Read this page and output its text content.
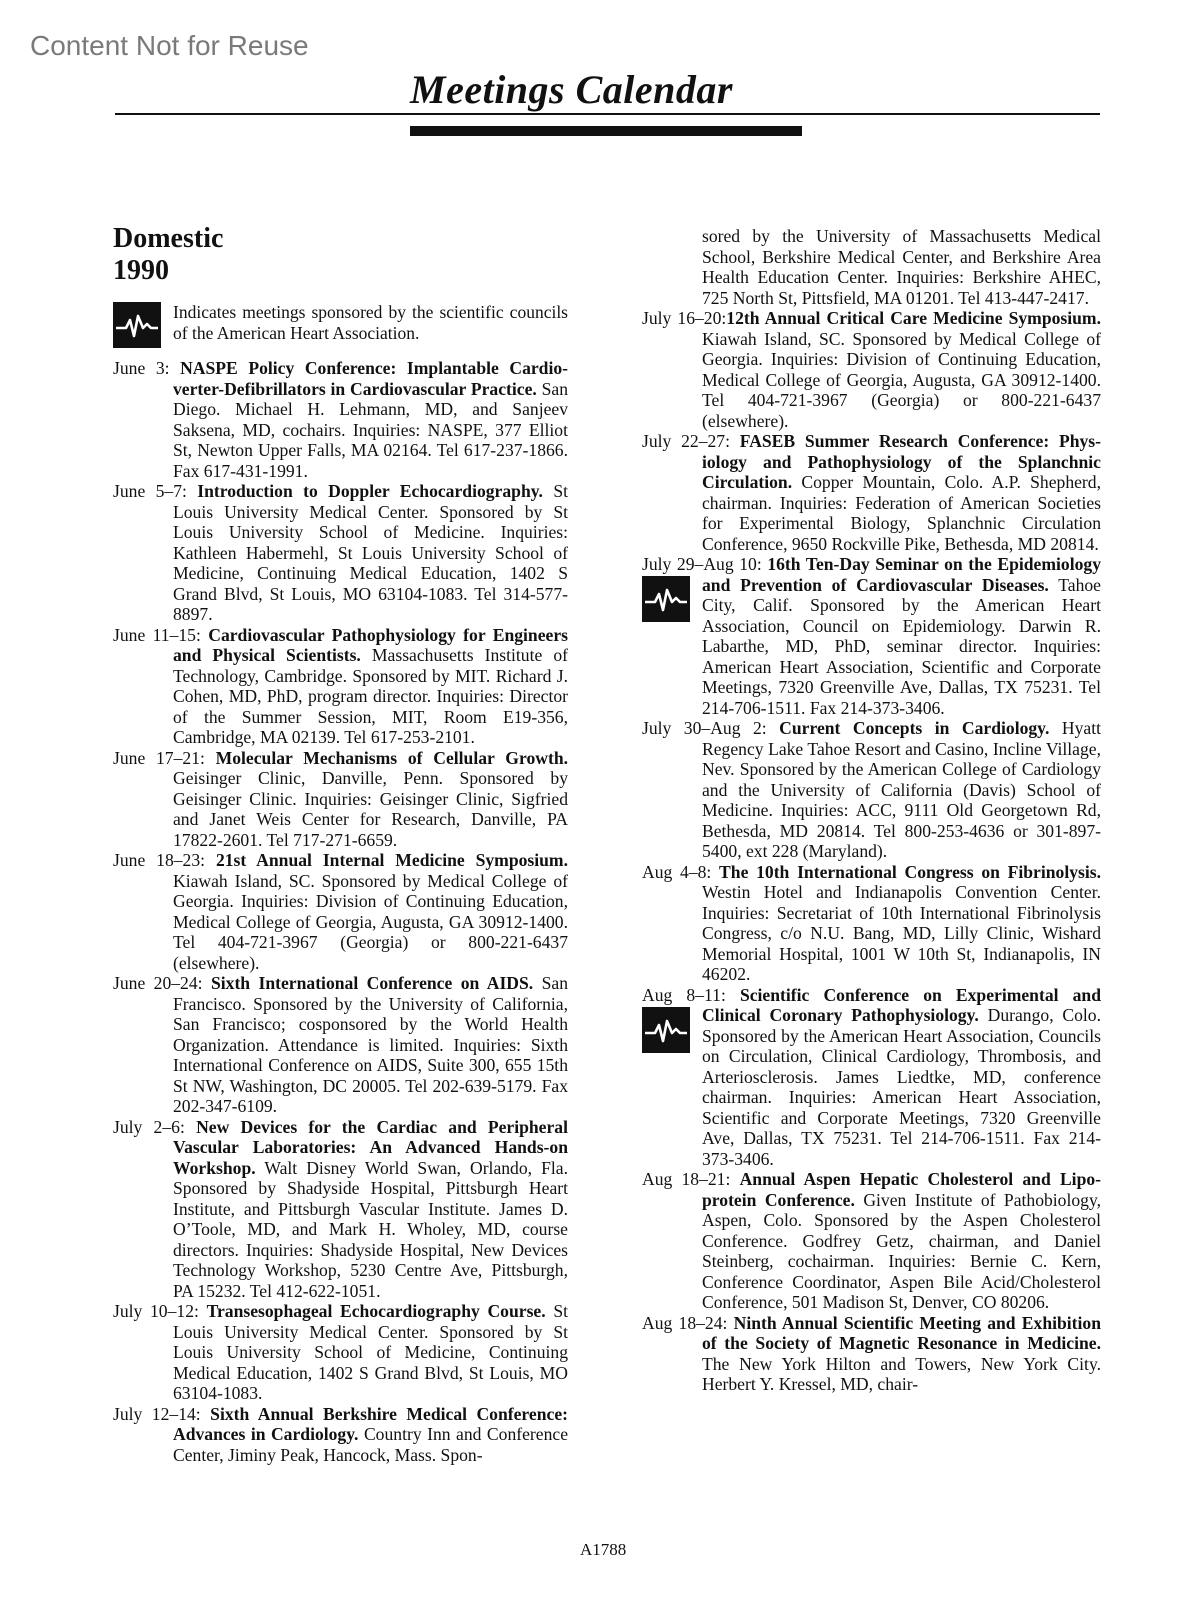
Content Not for Reuse
Meetings Calendar
Domestic
1990
Indicates meetings sponsored by the scientific councils of the American Heart Association.
June 3: NASPE Policy Conference: Implantable Cardioverter-Defibrillators in Cardiovascular Practice. San Diego. Michael H. Lehmann, MD, and Sanjeev Saksena, MD, cochairs. Inquiries: NASPE, 377 Elliot St, Newton Upper Falls, MA 02164. Tel 617-237-1866. Fax 617-431-1991.
June 5–7: Introduction to Doppler Echocardiography. St Louis University Medical Center. Sponsored by St Louis University School of Medicine. Inquiries: Kathleen Habermehl, St Louis University School of Medicine, Continuing Medical Education, 1402 S Grand Blvd, St Louis, MO 63104-1083. Tel 314-577-8897.
June 11–15: Cardiovascular Pathophysiology for Engineers and Physical Scientists. Massachusetts Institute of Technology, Cambridge. Sponsored by MIT. Richard J. Cohen, MD, PhD, program director. Inquiries: Director of the Summer Session, MIT, Room E19-356, Cambridge, MA 02139. Tel 617-253-2101.
June 17–21: Molecular Mechanisms of Cellular Growth. Geisinger Clinic, Danville, Penn. Sponsored by Geisinger Clinic. Inquiries: Geisinger Clinic, Sigfried and Janet Weis Center for Research, Danville, PA 17822-2601. Tel 717-271-6659.
June 18–23: 21st Annual Internal Medicine Symposium. Kiawah Island, SC. Sponsored by Medical College of Georgia. Inquiries: Division of Continuing Education, Medical College of Georgia, Augusta, GA 30912-1400. Tel 404-721-3967 (Georgia) or 800-221-6437 (elsewhere).
June 20–24: Sixth International Conference on AIDS. San Francisco. Sponsored by the University of California, San Francisco; cosponsored by the World Health Organization. Attendance is limited. Inquiries: Sixth International Conference on AIDS, Suite 300, 655 15th St NW, Washington, DC 20005. Tel 202-639-5179. Fax 202-347-6109.
July 2–6: New Devices for the Cardiac and Peripheral Vascular Laboratories: An Advanced Hands-on Workshop. Walt Disney World Swan, Orlando, Fla. Sponsored by Shadyside Hospital, Pittsburgh Heart Institute, and Pittsburgh Vascular Institute. James D. O’Toole, MD, and Mark H. Wholey, MD, course directors. Inquiries: Shadyside Hospital, New Devices Technology Workshop, 5230 Centre Ave, Pittsburgh, PA 15232. Tel 412-622-1051.
July 10–12: Transesophageal Echocardiography Course. St Louis University Medical Center. Sponsored by St Louis University School of Medicine, Continuing Medical Education, 1402 S Grand Blvd, St Louis, MO 63104-1083.
July 12–14: Sixth Annual Berkshire Medical Conference: Advances in Cardiology. Country Inn and Conference Center, Jiminy Peak, Hancock, Mass. Spon-
sored by the University of Massachusetts Medical School, Berkshire Medical Center, and Berkshire Area Health Education Center. Inquiries: Berkshire AHEC, 725 North St, Pittsfield, MA 01201. Tel 413-447-2417.
July 16–20:12th Annual Critical Care Medicine Symposium. Kiawah Island, SC. Sponsored by Medical College of Georgia. Inquiries: Division of Continuing Education, Medical College of Georgia, Augusta, GA 30912-1400. Tel 404-721-3967 (Georgia) or 800-221-6437 (elsewhere).
July 22–27: FASEB Summer Research Conference: Physiology and Pathophysiology of the Splanchnic Circulation. Copper Mountain, Colo. A.P. Shepherd, chairman. Inquiries: Federation of American Societies for Experimental Biology, Splanchnic Circulation Conference, 9650 Rockville Pike, Bethesda, MD 20814.
July 29–Aug 10: 16th Ten-Day Seminar on the Epidemiology and Prevention of Cardiovascular Diseases. Tahoe City, Calif. Sponsored by the American Heart Association, Council on Epidemiology. Darwin R. Labarthe, MD, PhD, seminar director. Inquiries: American Heart Association, Scientific and Corporate Meetings, 7320 Greenville Ave, Dallas, TX 75231. Tel 214-706-1511. Fax 214-373-3406.
July 30–Aug 2: Current Concepts in Cardiology. Hyatt Regency Lake Tahoe Resort and Casino, Incline Village, Nev. Sponsored by the American College of Cardiology and the University of California (Davis) School of Medicine. Inquiries: ACC, 9111 Old Georgetown Rd, Bethesda, MD 20814. Tel 800-253-4636 or 301-897-5400, ext 228 (Maryland).
Aug 4–8: The 10th International Congress on Fibrinolysis. Westin Hotel and Indianapolis Convention Center. Inquiries: Secretariat of 10th International Fibrinolysis Congress, c/o N.U. Bang, MD, Lilly Clinic, Wishard Memorial Hospital, 1001 W 10th St, Indianapolis, IN 46202.
Aug 8–11: Scientific Conference on Experimental and Clinical Coronary Pathophysiology. Durango, Colo. Sponsored by the American Heart Association, Councils on Circulation, Clinical Cardiology, Thrombosis, and Arteriosclerosis. James Liedtke, MD, conference chairman. Inquiries: American Heart Association, Scientific and Corporate Meetings, 7320 Greenville Ave, Dallas, TX 75231. Tel 214-706-1511. Fax 214-373-3406.
Aug 18–21: Annual Aspen Hepatic Cholesterol and Lipoprotein Conference. Given Institute of Pathobiology, Aspen, Colo. Sponsored by the Aspen Cholesterol Conference. Godfrey Getz, chairman, and Daniel Steinberg, cochairman. Inquiries: Bernie C. Kern, Conference Coordinator, Aspen Bile Acid/Cholesterol Conference, 501 Madison St, Denver, CO 80206.
Aug 18–24: Ninth Annual Scientific Meeting and Exhibition of the Society of Magnetic Resonance in Medicine. The New York Hilton and Towers, New York City. Herbert Y. Kressel, MD, chair-
A1788
